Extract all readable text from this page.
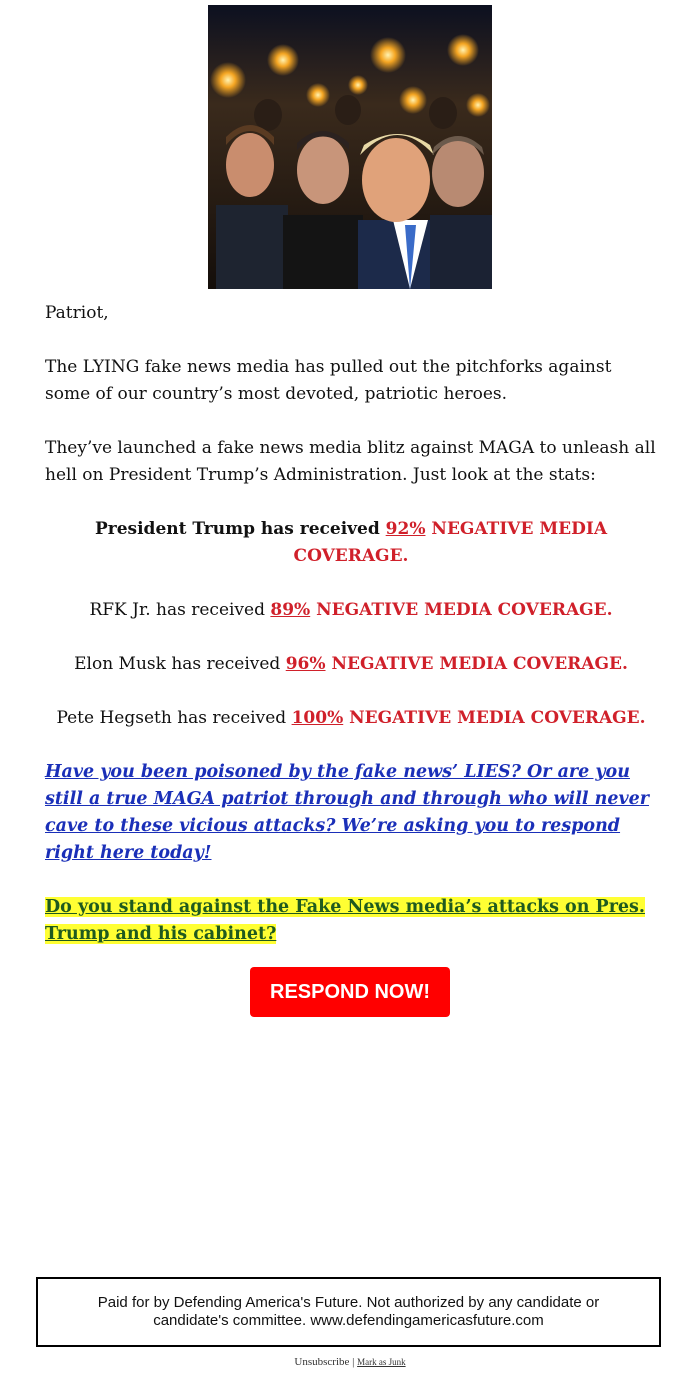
Patriot,

The LYING fake news media has pulled out the pitchforks against some of our country’s most devoted, patriotic heroes.

They’ve launched a fake news media blitz against MAGA to unleash all hell on President Trump’s Administration. Just look at the stats:

President Trump has received 92% NEGATIVE MEDIA COVERAGE.

RFK Jr. has received 89% NEGATIVE MEDIA COVERAGE.

Elon Musk has received 96% NEGATIVE MEDIA COVERAGE.

Pete Hegseth has received 100% NEGATIVE MEDIA COVERAGE.

Have you been poisoned by the fake news’ LIES? Or are you still a true MAGA patriot through and through who will never cave to these vicious attacks? We’re asking you to respond right here today!

Do you stand against the Fake News media’s attacks on Pres. Trump and his cabinet?

RESPOND NOW!
Paid for by Defending America's Future. Not authorized by any candidate or candidate's committee. www.defendingamericasfuture.com
Unsubscribe | Mark as Junk
